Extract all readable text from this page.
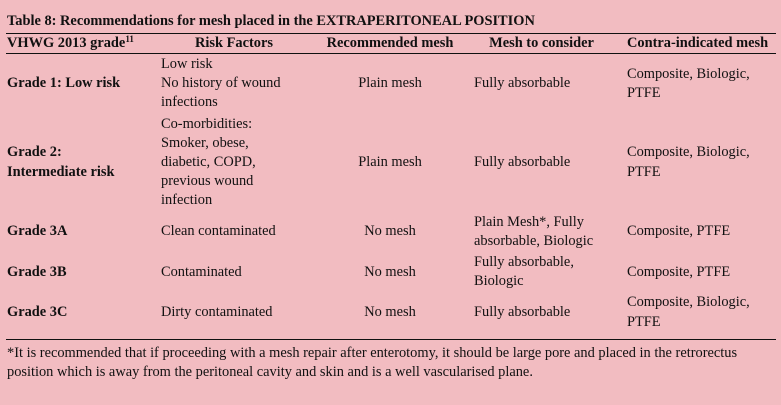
Table 8: Recommendations for mesh placed in the EXTRAPERITONEAL POSITION
VHWG 2013 grade$^{11}$	Risk Factors	Recommended mesh	Mesh to consider	Contra-indicated mesh
Grade 1: Low risk	Low risk
No history of wound
infections	Plain mesh	Fully absorbable	Composite, Biologic,
PTFE

Grade 2:
Intermediate risk	Co-morbidities:
Smoker, obese,
diabetic, COPD,
previous wound
infection	Plain mesh	Fully absorbable	Composite, Biologic,
PTFE

Grade 3A	Clean contaminated	No mesh	Plain Mesh*, Fully
absorbable, Biologic	Composite, PTFE

Grade 3B	Contaminated	No mesh	Fully absorbable,
Biologic	Composite, PTFE

Grade 3C	Dirty contaminated	No mesh	Fully absorbable	Composite, Biologic,
PTFE
*It is recommended that if proceeding with a mesh repair after enterotomy, it should be large pore and placed in the retrorectus position which is away from the peritoneal cavity and skin and is a well vascularised plane.
